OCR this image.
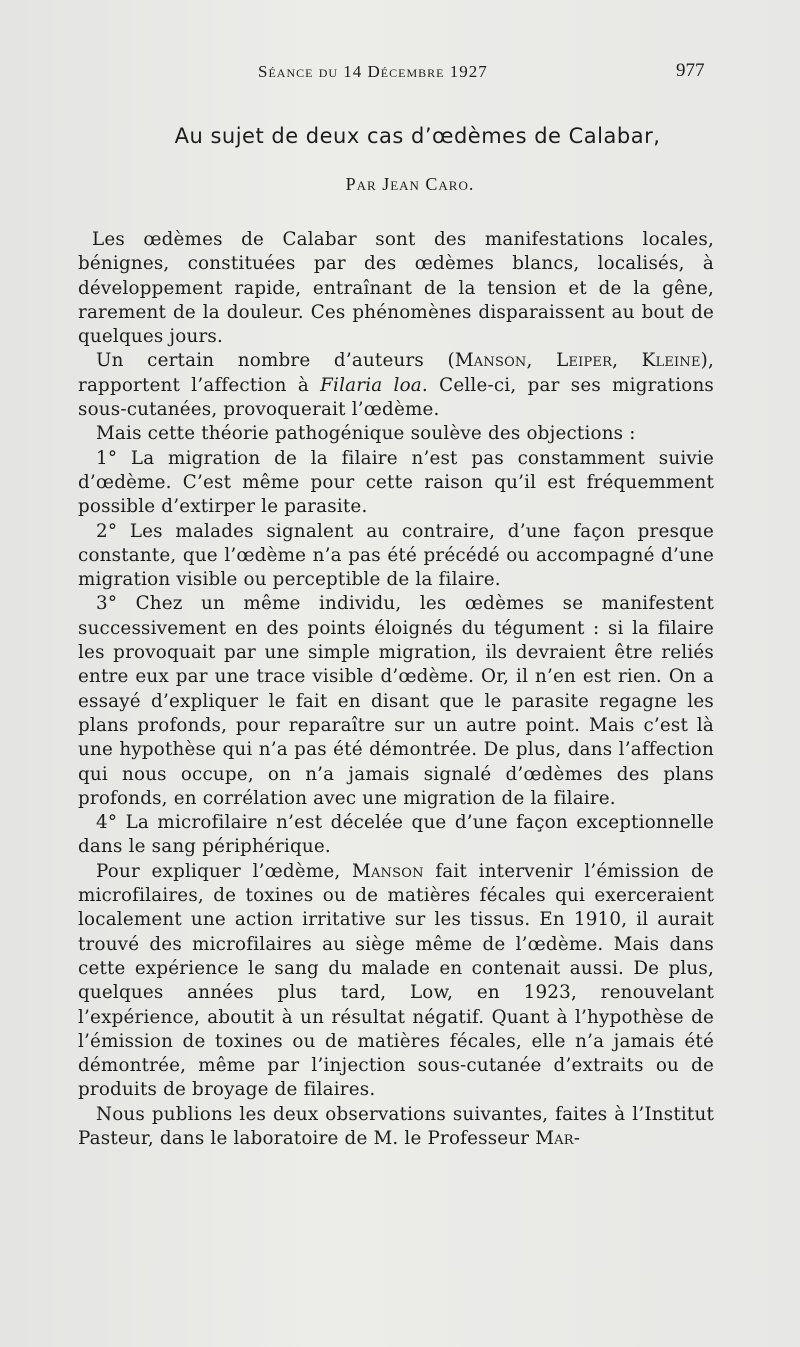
Séance du 14 Décembre 1927	977
Au sujet de deux cas d’œdèmes de Calabar,
Par Jean Caro.

Les œdèmes de Calabar sont des manifestations locales, bénignes, constituées par des œdèmes blancs, localisés, à développement rapide, entraînant de la tension et de la gêne, rarement de la douleur. Ces phénomènes disparaissent au bout de quelques jours.

Un certain nombre d’auteurs (Manson, Leiper, Kleine), rapportent l’affection à Filaria loa. Celle-ci, par ses migrations sous-cutanées, provoquerait l’œdème.

Mais cette théorie pathogénique soulève des objections :

1° La migration de la filaire n’est pas constamment suivie d’œdème. C’est même pour cette raison qu’il est fréquemment possible d’extirper le parasite.

2° Les malades signalent au contraire, d’une façon presque constante, que l’œdème n’a pas été précédé ou accompagné d’une migration visible ou perceptible de la filaire.

3° Chez un même individu, les œdèmes se manifestent successivement en des points éloignés du tégument : si la filaire les provoquait par une simple migration, ils devraient être reliés entre eux par une trace visible d’œdème. Or, il n’en est rien. On a essayé d’expliquer le fait en disant que le parasite regagne les plans profonds, pour reparaître sur un autre point. Mais c’est là une hypothèse qui n’a pas été démontrée. De plus, dans l’affection qui nous occupe, on n’a jamais signalé d’œdèmes des plans profonds, en corrélation avec une migration de la filaire.

4° La microfilaire n’est décelée que d’une façon exceptionnelle dans le sang périphérique.

Pour expliquer l’œdème, Manson fait intervenir l’émission de microfilaires, de toxines ou de matières fécales qui exerceraient localement une action irritative sur les tissus. En 1910, il aurait trouvé des microfilaires au siège même de l’œdème. Mais dans cette expérience le sang du malade en contenait aussi. De plus, quelques années plus tard, Low, en 1923, renouvelant l’expérience, aboutit à un résultat négatif. Quant à l’hypothèse de l’émission de toxines ou de matières fécales, elle n’a jamais été démontrée, même par l’injection sous-cutanée d’extraits ou de produits de broyage de filaires.

Nous publions les deux observations suivantes, faites à l’Institut Pasteur, dans le laboratoire de M. le Professeur Mar-
